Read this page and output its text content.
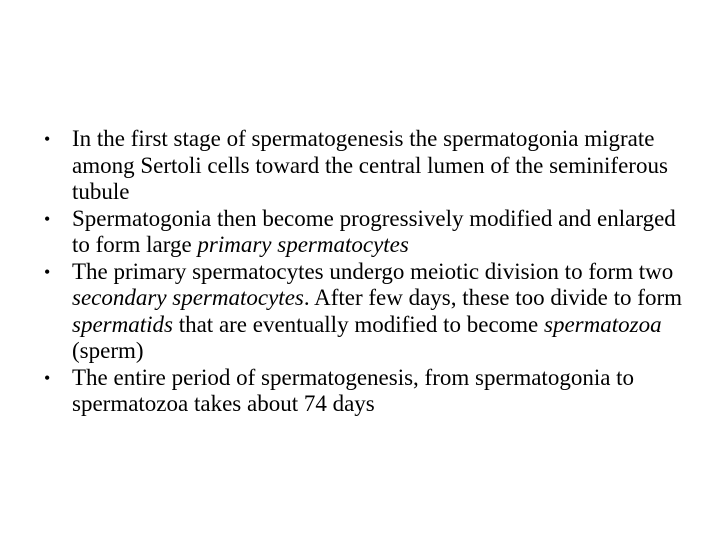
• In the first stage of spermatogenesis the spermatogonia migrate among Sertoli cells toward the central lumen of the seminiferous tubule
• Spermatogonia then become progressively modified and enlarged to form large primary spermatocytes
• The primary spermatocytes undergo meiotic division to form two secondary spermatocytes. After few days, these too divide to form spermatids that are eventually modified to become spermatozoa (sperm)
• The entire period of spermatogenesis, from spermatogonia to spermatozoa takes about 74 days
